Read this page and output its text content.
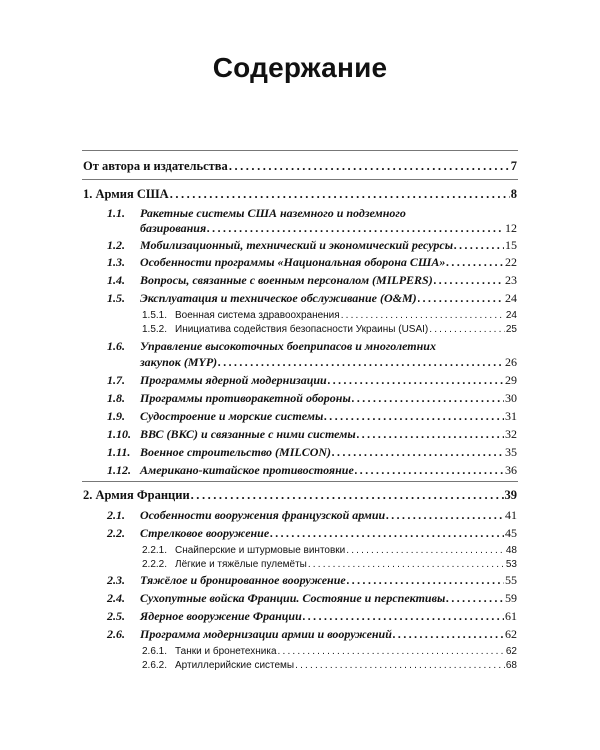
Содержание
От автора и издательства . . .	7
1. Армия США . . .	8
1.1. Ракетные системы США наземного и подземного
базирования . . .	12
1.2. Мобилизационный, технический и экономический ресурсы . . .	15
1.3. Особенности программы «Национальная оборона США» . . .	22
1.4. Вопросы, связанные с военным персоналом (MILPERS) . . .	23
1.5. Эксплуатация и техническое обслуживание (O&M) . . .	24
1.5.1. Военная система здравоохранения . . .	24
1.5.2. Инициатива содействия безопасности Украины (USAI) . . .	25
1.6. Управление высокоточных боеприпасов и многолетних
закупок (MYP) . . .	26
1.7. Программы ядерной модернизации . . .	29
1.8. Программы противоракетной обороны . . .	30
1.9. Судостроение и морские системы . . .	31
1.10. ВВС (ВКС) и связанные с ними системы . . .	32
1.11. Военное строительство (MILCON) . . .	35
1.12. Американо-китайское противостояние . . .	36
2. Армия Франции . . .	39
2.1. Особенности вооружения французской армии . . .	41
2.2. Стрелковое вооружение . . .	45
2.2.1. Снайперские и штурмовые винтовки . . .	48
2.2.2. Лёгкие и тяжёлые пулемёты . . .	53
2.3. Тяжёлое и бронированное вооружение . . .	55
2.4. Сухопутные войска Франции. Состояние и перспективы . . .	59
2.5. Ядерное вооружение Франции . . .	61
2.6. Программа модернизации армии и вооружений . . .	62
2.6.1. Танки и бронетехника . . .	62
2.6.2. Артиллерийские системы . . .	68
